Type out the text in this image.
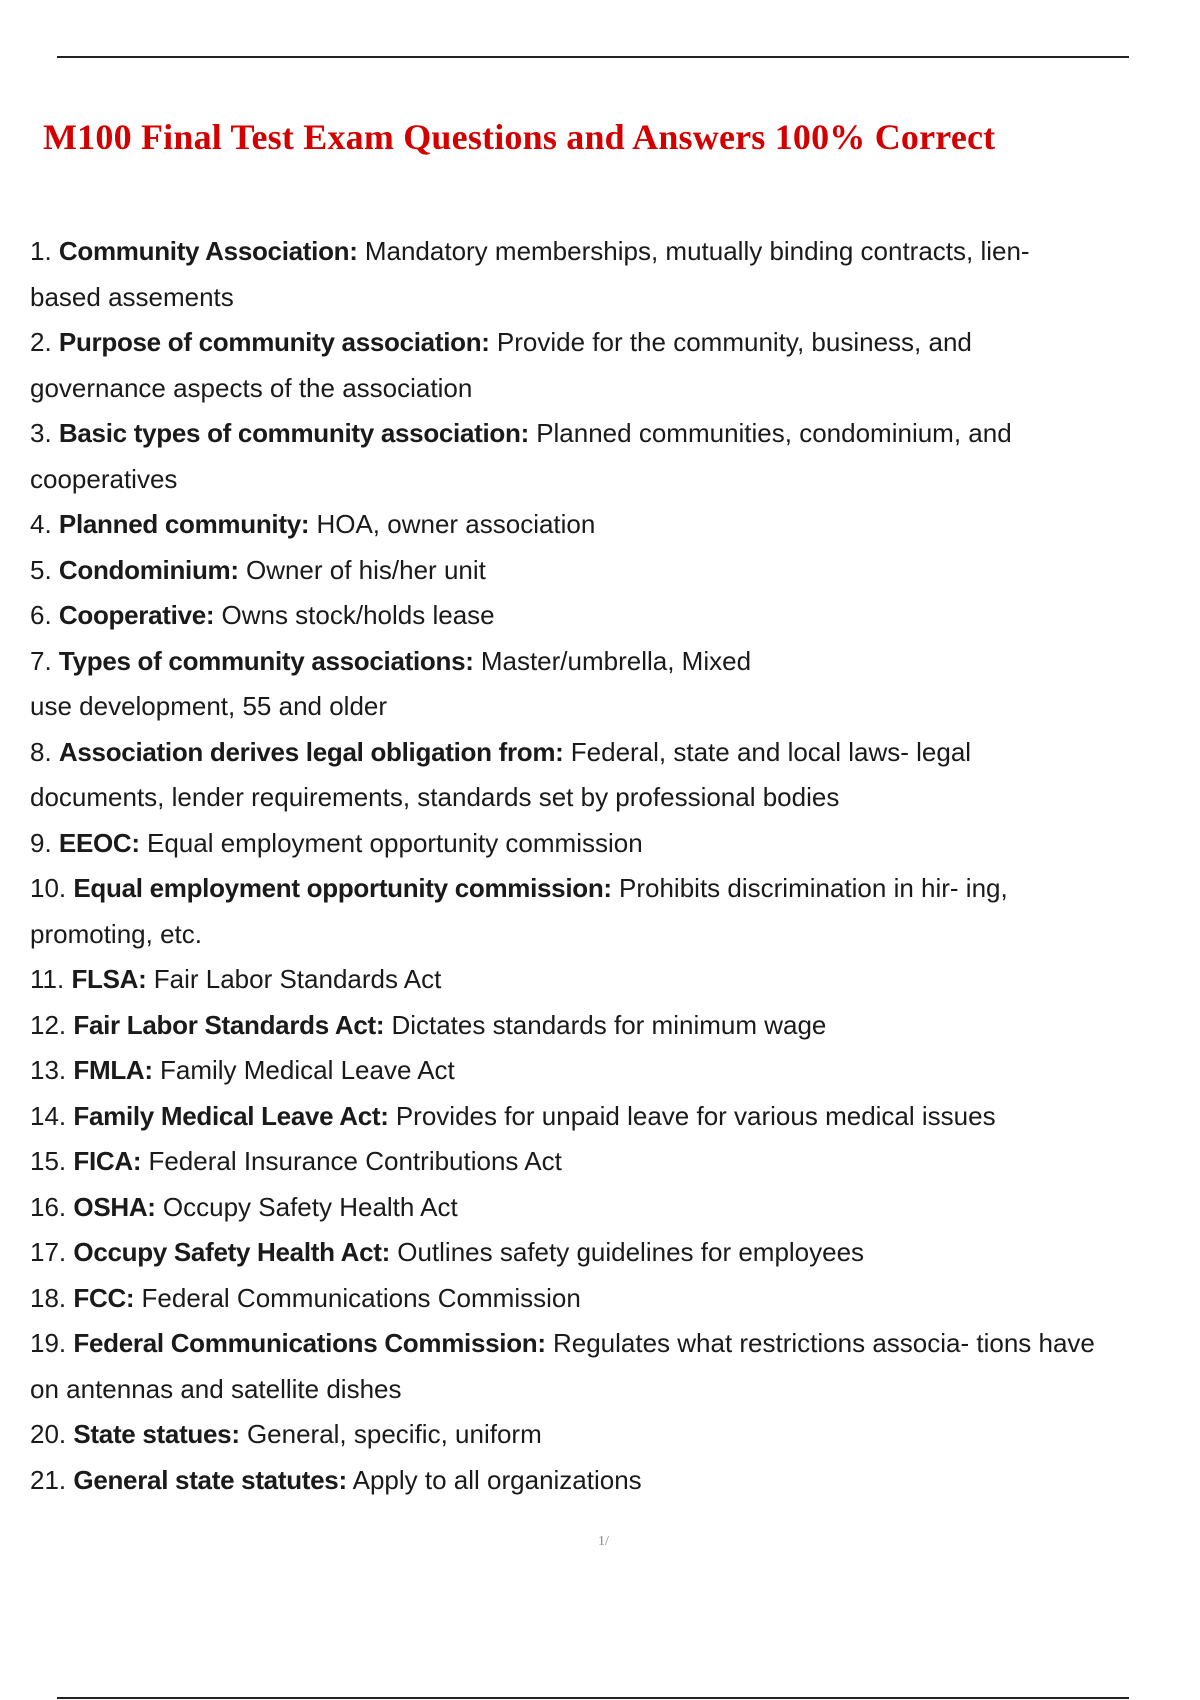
M100 Final Test Exam Questions and Answers 100% Correct
1. Community Association: Mandatory memberships, mutually binding contracts, lien-
based assements
2. Purpose of community association: Provide for the community, business, and
governance aspects of the association
3. Basic types of community association: Planned communities, condominium, and
cooperatives
4. Planned community: HOA, owner association
5. Condominium: Owner of his/her unit
6. Cooperative: Owns stock/holds lease
7. Types of community associations: Master/umbrella, Mixed
use development, 55 and older
8. Association derives legal obligation from: Federal, state and local laws- legal
documents, lender requirements, standards set by professional bodies
9. EEOC: Equal employment opportunity commission
10. Equal employment opportunity commission: Prohibits discrimination in hir- ing,
promoting, etc.
11. FLSA: Fair Labor Standards Act
12. Fair Labor Standards Act: Dictates standards for minimum wage
13. FMLA: Family Medical Leave Act
14. Family Medical Leave Act: Provides for unpaid leave for various medical issues
15. FICA: Federal Insurance Contributions Act
16. OSHA: Occupy Safety Health Act
17. Occupy Safety Health Act: Outlines safety guidelines for employees
18. FCC: Federal Communications Commission
19. Federal Communications Commission: Regulates what restrictions associa- tions have
on antennas and satellite dishes
20. State statues: General, specific, uniform
21. General state statutes: Apply to all organizations
1/
